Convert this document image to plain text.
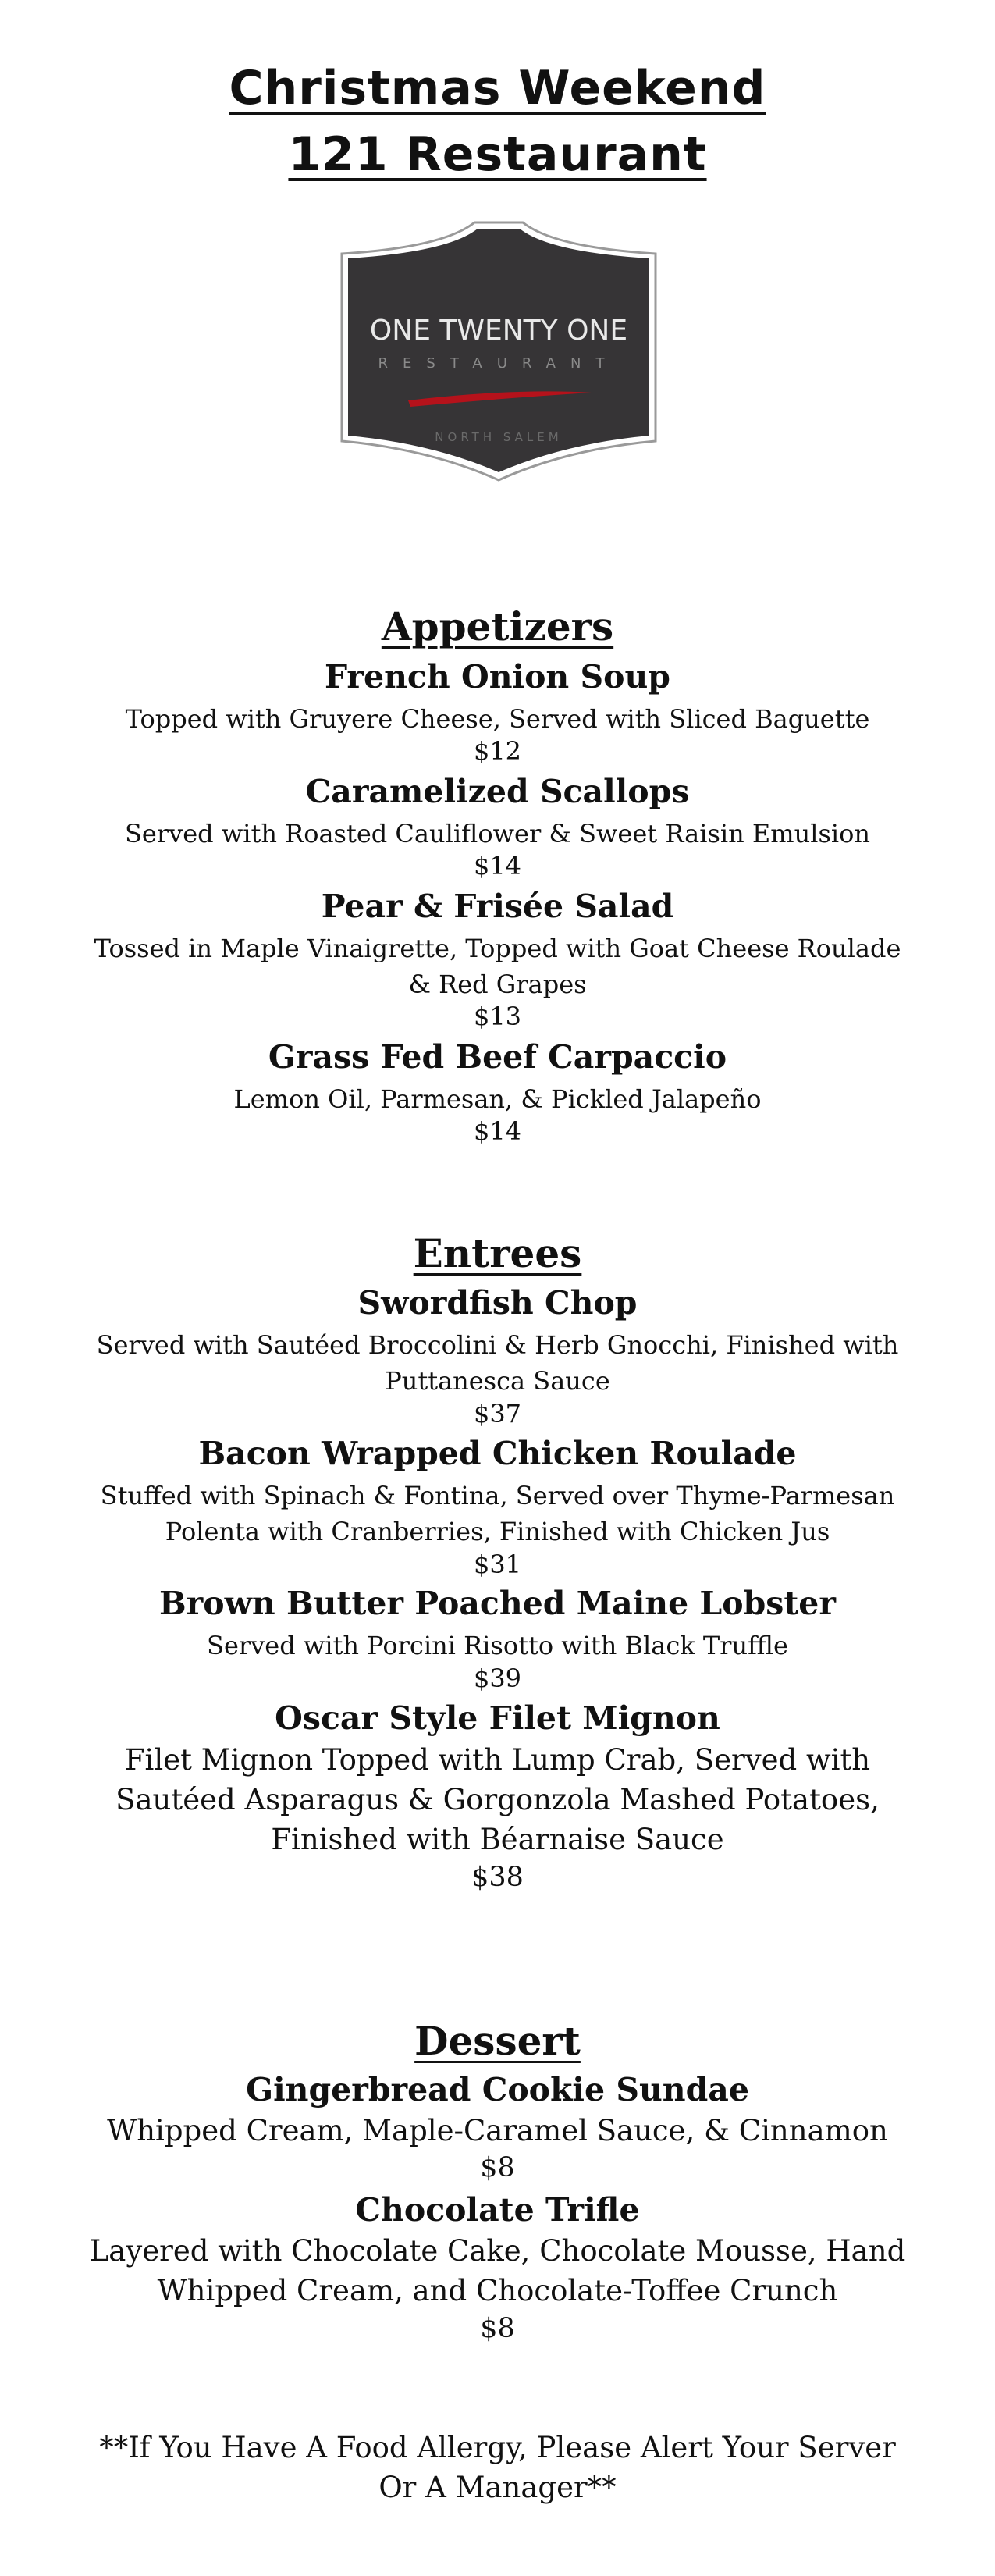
Christmas Weekend
121 Restaurant
ONE TWENTY ONE
RESTAURANT
NORTH SALEM
Appetizers
French Onion Soup
Topped with Gruyere Cheese, Served with Sliced Baguette
$12
Caramelized Scallops
Served with Roasted Cauliflower & Sweet Raisin Emulsion
$14
Pear & Frisée Salad
Tossed in Maple Vinaigrette, Topped with Goat Cheese Roulade
& Red Grapes
$13
Grass Fed Beef Carpaccio
Lemon Oil, Parmesan, & Pickled Jalapeño
$14
Entrees
Swordfish Chop
Served with Sautéed Broccolini & Herb Gnocchi, Finished with
Puttanesca Sauce
$37
Bacon Wrapped Chicken Roulade
Stuffed with Spinach & Fontina, Served over Thyme-Parmesan
Polenta with Cranberries, Finished with Chicken Jus
$31
Brown Butter Poached Maine Lobster
Served with Porcini Risotto with Black Truffle
$39
Oscar Style Filet Mignon
Filet Mignon Topped with Lump Crab, Served with
Sautéed Asparagus & Gorgonzola Mashed Potatoes,
Finished with Béarnaise Sauce
$38
Dessert
Gingerbread Cookie Sundae
Whipped Cream, Maple-Caramel Sauce, & Cinnamon
$8
Chocolate Trifle
Layered with Chocolate Cake, Chocolate Mousse, Hand
Whipped Cream, and Chocolate-Toffee Crunch
$8
**If You Have A Food Allergy, Please Alert Your Server
Or A Manager**
